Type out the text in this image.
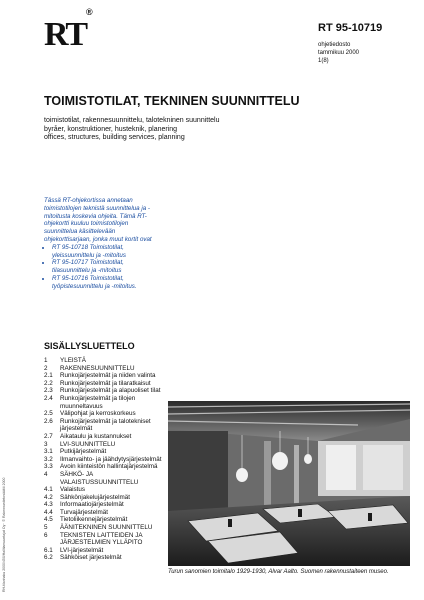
RT®
RT 95-10719
ohjetiedosto
tammikuu 2000
1(8)
TOIMISTOTILAT, TEKNINEN SUUNNITTELU
toimistotilat, rakennesuunnittelu, talotekninen suunnittelu
byråer, konstruktioner, husteknik, planering
offices, structures, building services, planning
Tässä RT-ohjekortissa annetaan toimistotilojen teknistä suunnittelua ja -mitoitusta koskevia ohjeita. Tämä RT-ohjekortti kuuluu toimistotilojen suunnittelua käsittelevään ohjekorttisarjaan, jonka muut kortit ovat
• RT 95-10718 Toimistotilat, yleissuunnittelu ja -mitoitus
• RT 95-10717 Toimistotilat, tilasuunnittelu ja -mitoitus
• RT 95-10716 Toimistotilat, työpistesuunnittelu ja -mitoitus.
SISÄLLYSLUETTELO
1	YLEISTÄ
2	RAKENNESUUNNITTELU
2.1	Runkojärjestelmät ja niiden valinta
2.2	Runkojärjestelmät ja tilaratkaisut
2.3	Runkojärjestelmät ja alapuoliset tilat
2.4	Runkojärjestelmät ja tilojen muunneltavuus
2.5	Välipohjat ja kerroskorkeus
2.6	Runkojärjestelmät ja talotekniset järjestelmät
2.7	Aikataulu ja kustannukset
3	LVI-SUUNNITTELU
3.1	Putkijärjestelmät
3.2	Ilmanvaihto- ja jäähdytysjärjestelmät
3.3	Avoin kiinteistön hallintajärjestelmä
4	SÄHKÖ- JA VALAISTUSSUUNNITTELU
4.1	Valaistus
4.2	Sähkönjakelujärjestelmät
4.3	Informaatiojärjestelmät
4.4	Turvajärjestelmät
4.5	Tietoliikennejärjestelmät
5	ÄÄNITEKNINEN SUUNNITTELU
6	TEKNISTEN LAITTEIDEN JA JÄRJESTELMIEN YLLÄPITO
6.1	LVI-järjestelmät
6.2	Sähköiset järjestelmät
RH-tilanhaku 2000/450/Hallitamuuntajat Oy · © Rakennustietosäätiö 2000	Turun sanomien toimitalo 1929-1930, Alvar Aalto. Suomen rakennustaiteen museo.
